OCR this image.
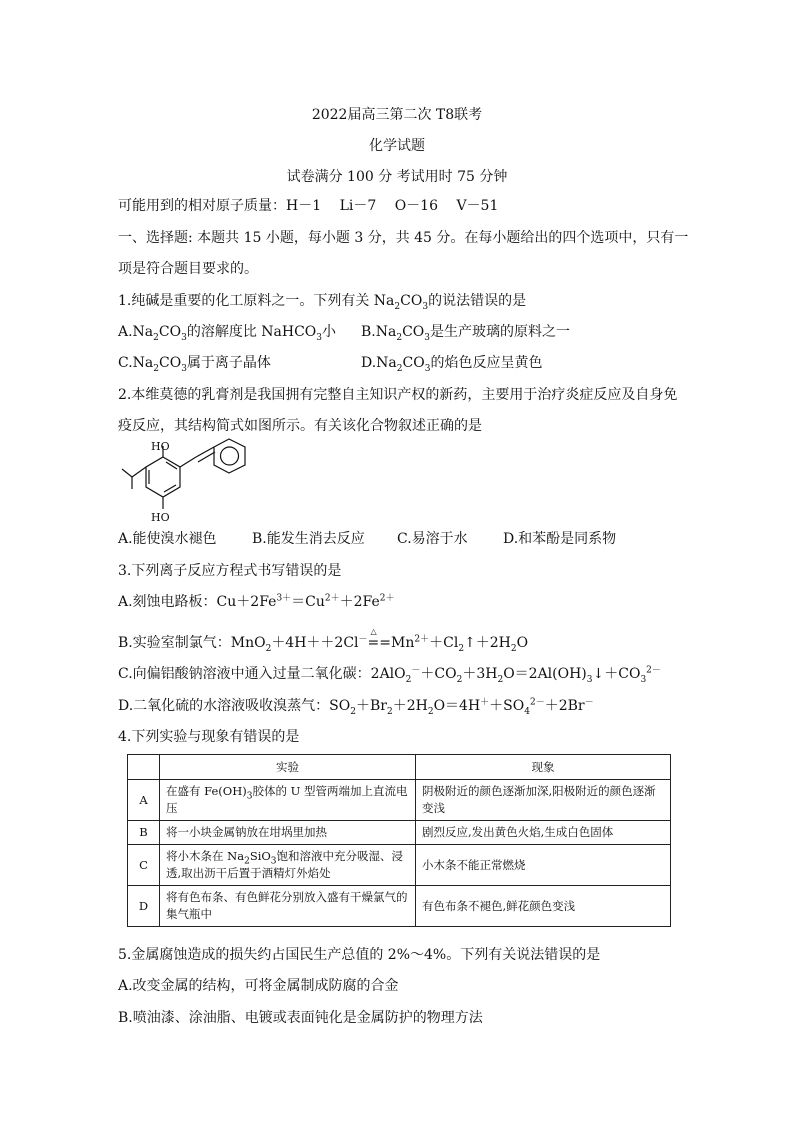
2022届高三第二次 T8联考
化学试题
试卷满分 100 分 考试用时 75 分钟
可能用到的相对原子质量：H－1　 Li－7　 O－16　 V－51
一、选择题: 本题共 15 小题，每小题 3 分，共 45 分。在每小题给出的四个选项中，只有一
项是符合题目要求的。
1.纯碱是重要的化工原料之一。下列有关 $Na_2CO_3$的说法错误的是
$A.Na_2CO_3$的溶解度比 NaHCO$_3$小 $B.Na_2CO_3$是生产玻璃的原料之一
$C.Na_2CO_3$属于离子晶体	$D.Na_2CO_3$的焰色反应呈黄色
2.本维莫德的乳膏剂是我国拥有完整自主知识产权的新药，主要用于治疗炎症反应及自身免
疫反应，其结构简式如图所示。有关该化合物叙述正确的是
HO
HO
A.能使溴水褪色	B.能发生消去反应 C.易溶于水	D.和苯酚是同系物
3.下列离子反应方程式书写错误的是
A.刻蚀电路板：$Cu+2Fe^{3+}=Cu^{2+}+2Fe^{2+}$
B.实验室制氯气：MnO$_2$＋4H＋＋2Cl－
△
$==Mn^{2+}+Cl_2↑+2H_2O$
C.向偏铝酸钠溶液中通入过量二氧化碳：$2AlO_2^-+CO_2+3H_2O=2Al(OH)_3↓+CO_3^{2-}$
D.二氧化硫的水溶液吸收溴蒸气：$SO_2+Br_2+2H_2O=4H^++SO_4^{2-}+2Br^-$
4.下列实验与现象有错误的是
	实验	现象
A	在盛有 $Fe(OH)_3$胶体的 U 型管两端加上直流电压	阴极附近的颜色逐渐加深,阳极附近的颜色逐渐变浅
B	将一小块金属钠放在坩埚里加热	剧烈反应,发出黄色火焰,生成白色固体
C	将小木条在 $Na_2SiO_3$饱和溶液中充分吸湿、浸透,取出沥干后置于酒精灯外焰处	小木条不能正常燃烧
D	将有色布条、有色鲜花分别放入盛有干燥氯气的集气瓶中	有色布条不褪色,鲜花颜色变浅
5.金属腐蚀造成的损失约占国民生产总值的 2%～4%。下列有关说法错误的是
A.改变金属的结构，可将金属制成防腐的合金
B.喷油漆、涂油脂、电镀或表面钝化是金属防护的物理方法
